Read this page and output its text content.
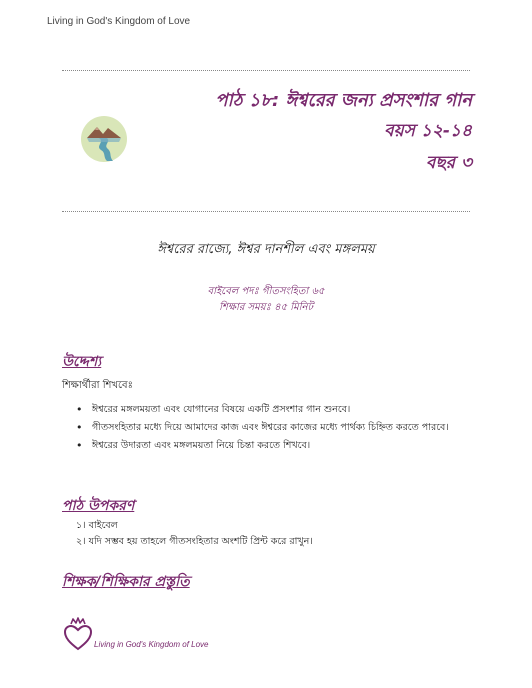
Living in God's Kingdom of Love
পাঠ ১৮: ঈশ্বরের জন্য প্রসংশার গান
বয়স ১২-১৪
বছর ৩
ঈশ্বরের রাজ্যে, ঈশ্বর দানশীল এবং মঙ্গলময়
বাইবেল পদঃ গীতসংহিতা ৬৫
শিক্ষার সময়ঃ ৪৫ মিনিট
উদ্দেশ্য
শিক্ষার্থীরা শিখবেঃ
• ঈশ্বরের মঙ্গলময়তা এবং যোগানের বিষয়ে একটি প্রসংশার গান শুনবে।
• গীতসংহিতার মধ্যে দিয়ে আমাদের কাজ এবং ঈশ্বরের কাজের মধ্যে পার্থক্য চিহ্নিত করতে পারবে।
• ঈশ্বরের উদারতা এবং মঙ্গলময়তা নিয়ে চিন্তা করতে শিখবে।
পাঠ উপকরণ
১। বাইবেল
২। যদি সম্ভব হয় তাহলে গীতসংহিতার অংশটি প্রিন্ট করে রাখুন।
শিক্ষক/শিক্ষিকার প্রস্তুতি
Living in God's Kingdom of Love
